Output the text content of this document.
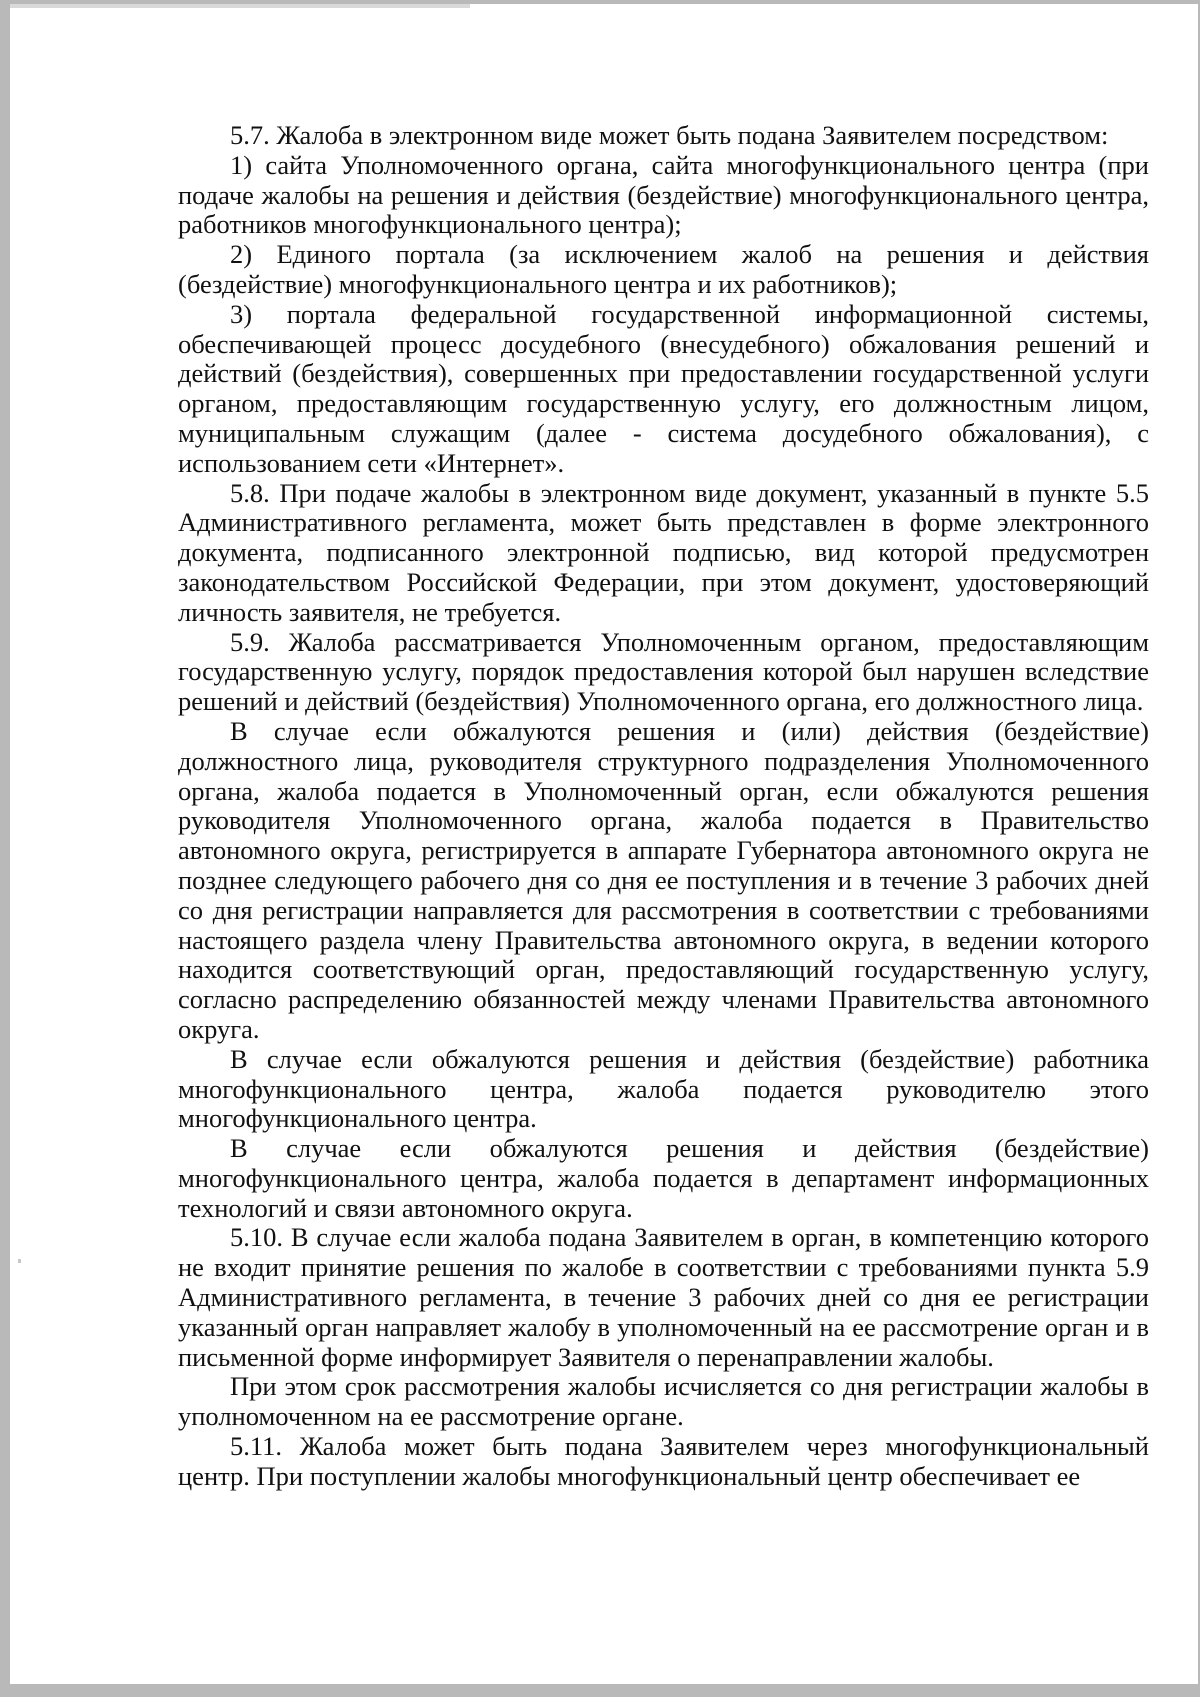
5.7. Жалоба в электронном виде может быть подана Заявителем посредством:

1) сайта Уполномоченного органа, сайта многофункционального центра (при подаче жалобы на решения и действия (бездействие) многофункционального центра, работников многофункционального центра);

2) Единого портала (за исключением жалоб на решения и действия (бездействие) многофункционального центра и их работников);

3) портала федеральной государственной информационной системы, обеспечивающей процесс досудебного (внесудебного) обжалования решений и действий (бездействия), совершенных при предоставлении государственной услуги органом, предоставляющим государственную услугу, его должностным лицом, муниципальным служащим (далее - система досудебного обжалования), с использованием сети «Интернет».

5.8. При подаче жалобы в электронном виде документ, указанный в пункте 5.5 Административного регламента, может быть представлен в форме электронного документа, подписанного электронной подписью, вид которой предусмотрен законодательством Российской Федерации, при этом документ, удостоверяющий личность заявителя, не требуется.

5.9. Жалоба рассматривается Уполномоченным органом, предоставляющим государственную услугу, порядок предоставления которой был нарушен вследствие решений и действий (бездействия) Уполномоченного органа, его должностного лица.

В случае если обжалуются решения и (или) действия (бездействие) должностного лица, руководителя структурного подразделения Уполномоченного органа, жалоба подается в Уполномоченный орган, если обжалуются решения руководителя Уполномоченного органа, жалоба подается в Правительство автономного округа, регистрируется в аппарате Губернатора автономного округа не позднее следующего рабочего дня со дня ее поступления и в течение 3 рабочих дней со дня регистрации направляется для рассмотрения в соответствии с требованиями настоящего раздела члену Правительства автономного округа, в ведении которого находится соответствующий орган, предоставляющий государственную услугу, согласно распределению обязанностей между членами Правительства автономного округа.

В случае если обжалуются решения и действия (бездействие) работника многофункционального центра, жалоба подается руководителю этого многофункционального центра.

В случае если обжалуются решения и действия (бездействие) многофункционального центра, жалоба подается в департамент информационных технологий и связи автономного округа.

5.10. В случае если жалоба подана Заявителем в орган, в компетенцию которого не входит принятие решения по жалобе в соответствии с требованиями пункта 5.9 Административного регламента, в течение 3 рабочих дней со дня ее регистрации указанный орган направляет жалобу в уполномоченный на ее рассмотрение орган и в письменной форме информирует Заявителя о перенаправлении жалобы.

При этом срок рассмотрения жалобы исчисляется со дня регистрации жалобы в уполномоченном на ее рассмотрение органе.

5.11. Жалоба может быть подана Заявителем через многофункциональный центр. При поступлении жалобы многофункциональный центр обеспечивает ее
